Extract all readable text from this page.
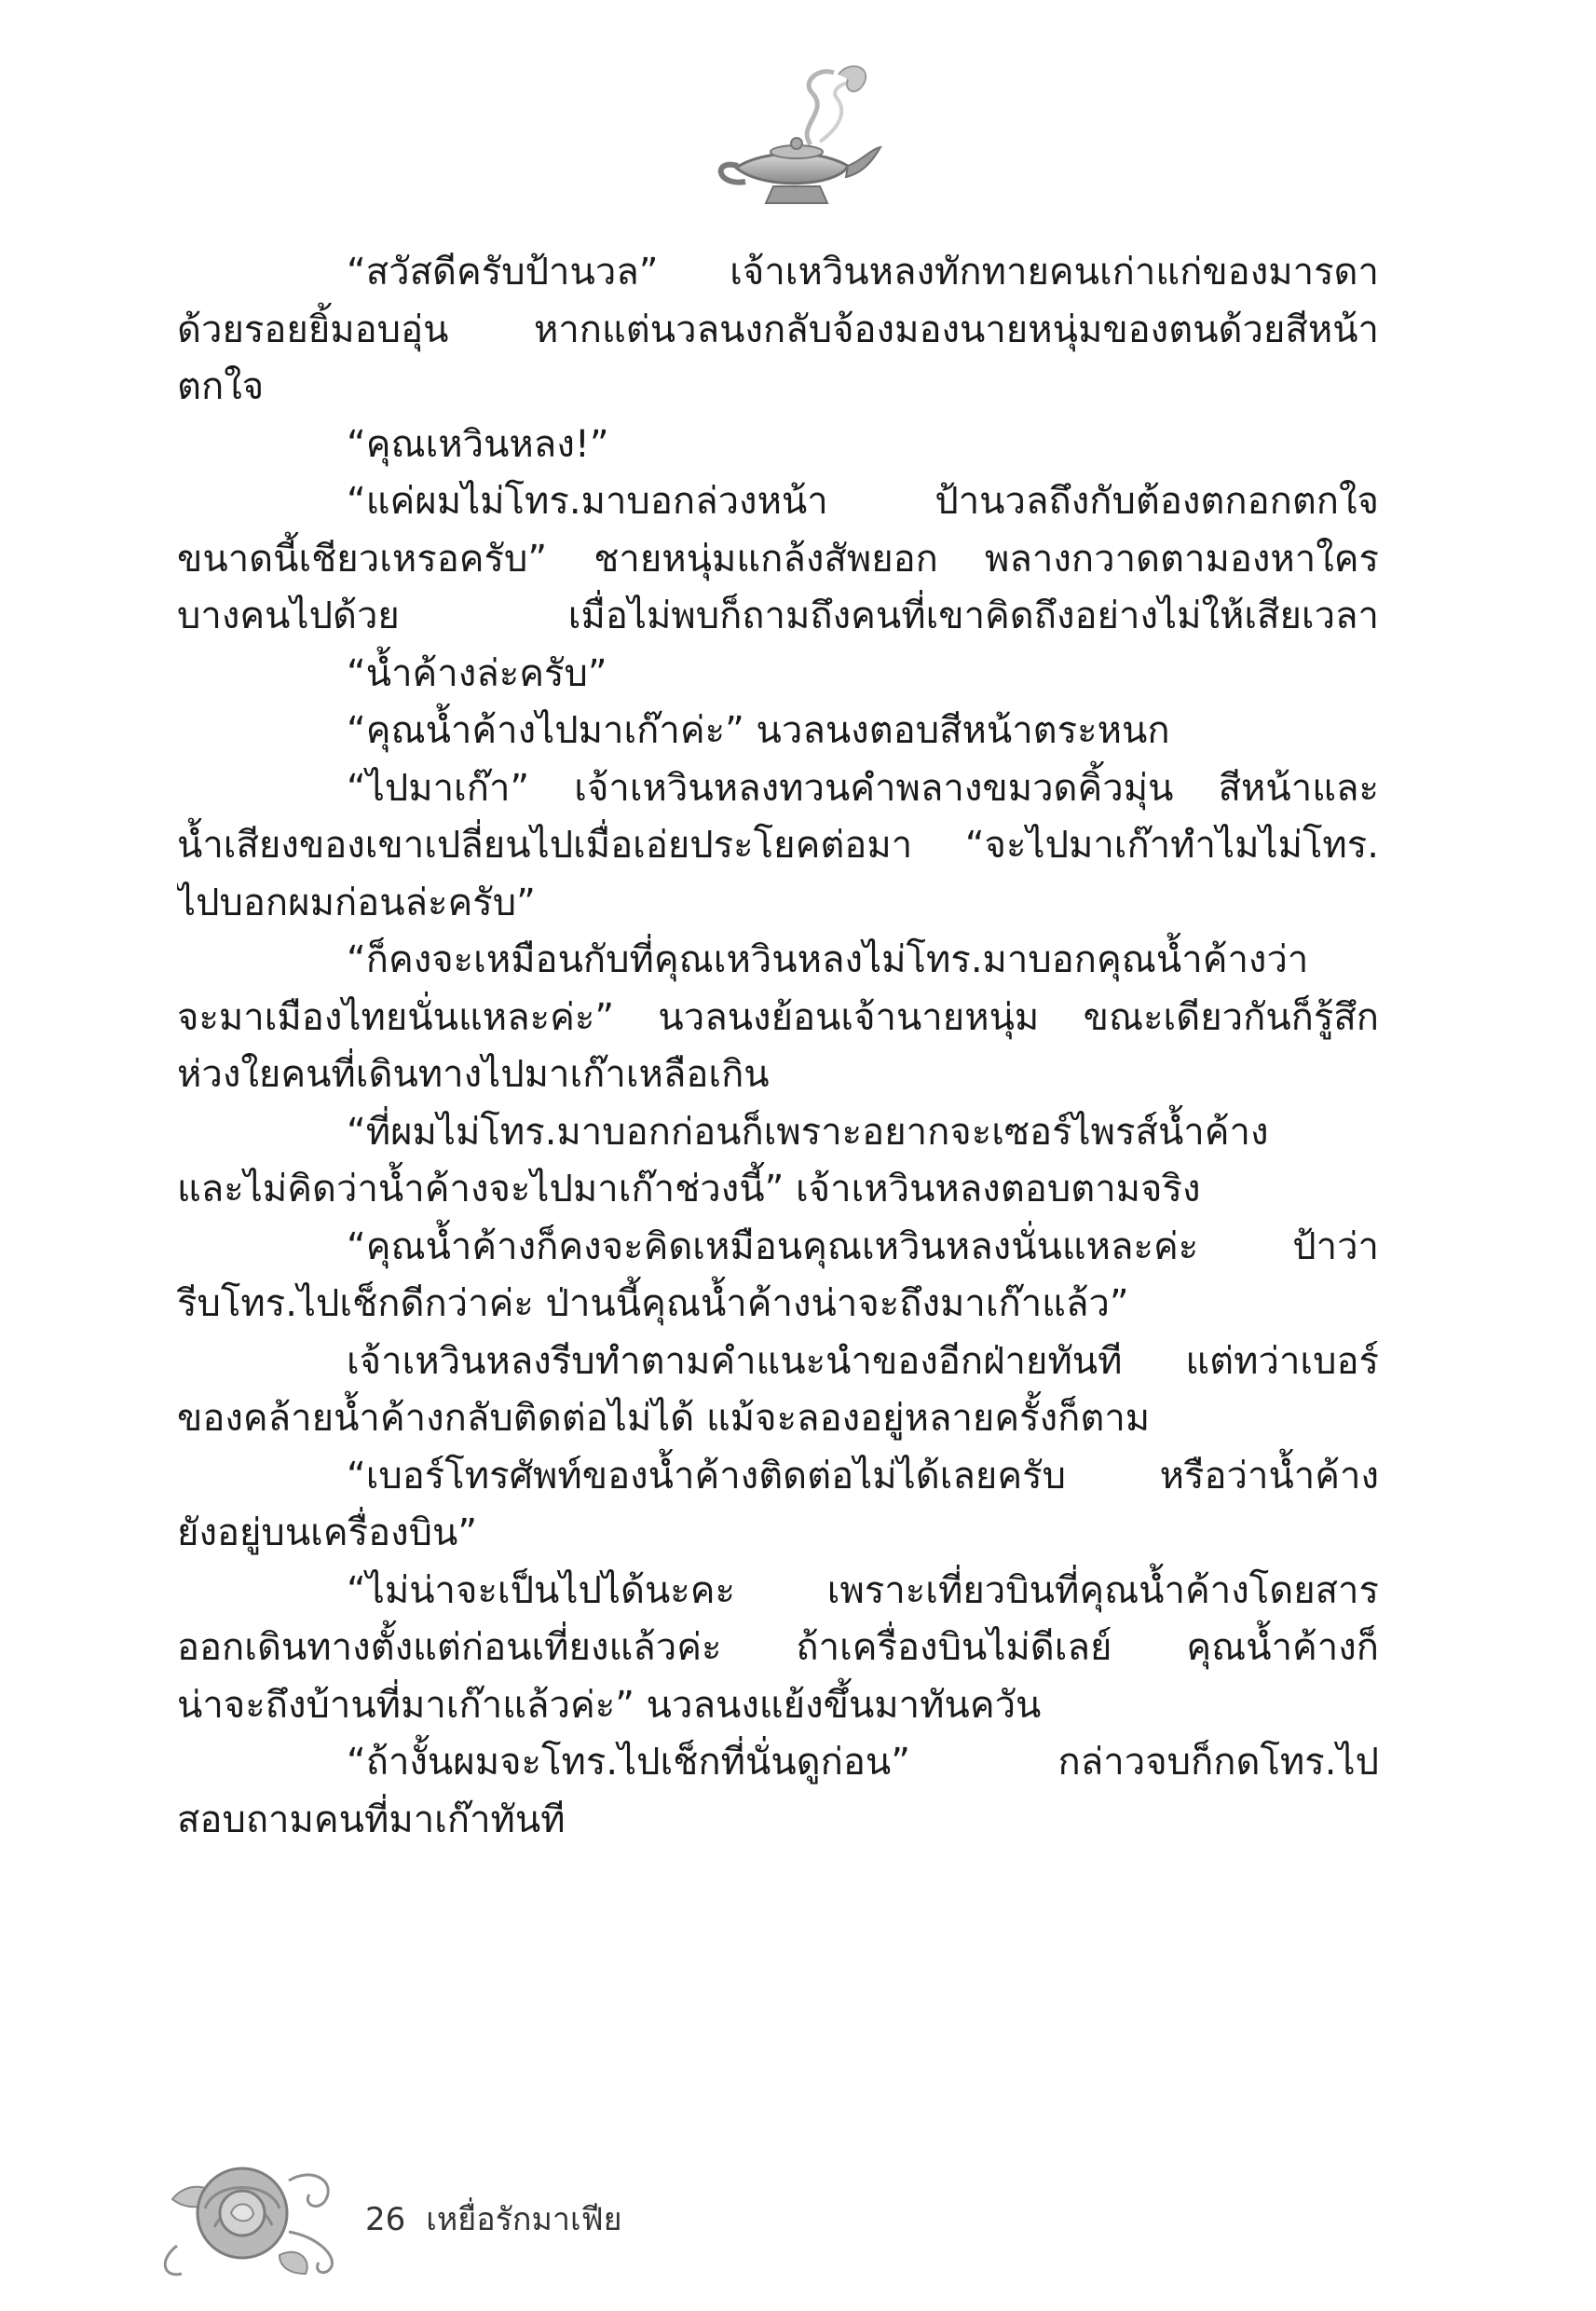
“สวัสดีครับป้านวล” เจ้าเหวินหลงทักทายคนเก่าแก่ของมารดา
ด้วยรอยยิ้มอบอุ่น หากแต่นวลนงกลับจ้องมองนายหนุ่มของตนด้วยสีหน้า
ตกใจ
“คุณเหวินหลง!”
“แค่ผมไม่โทร.มาบอกล่วงหน้า ป้านวลถึงกับต้องตกอกตกใจ
ขนาดนี้เชียวเหรอครับ” ชายหนุ่มแกล้งสัพยอก พลางกวาดตามองหาใคร
บางคนไปด้วย เมื่อไม่พบก็ถามถึงคนที่เขาคิดถึงอย่างไม่ให้เสียเวลา
“น้ำค้างล่ะครับ”
“คุณน้ำค้างไปมาเก๊าค่ะ” นวลนงตอบสีหน้าตระหนก
“ไปมาเก๊า” เจ้าเหวินหลงทวนคำพลางขมวดคิ้วมุ่น สีหน้าและ
น้ำเสียงของเขาเปลี่ยนไปเมื่อเอ่ยประโยคต่อมา “จะไปมาเก๊าทำไมไม่โทร.
ไปบอกผมก่อนล่ะครับ”
“ก็คงจะเหมือนกับที่คุณเหวินหลงไม่โทร.มาบอกคุณน้ำค้างว่า
จะมาเมืองไทยนั่นแหละค่ะ” นวลนงย้อนเจ้านายหนุ่ม ขณะเดียวกันก็รู้สึก
ห่วงใยคนที่เดินทางไปมาเก๊าเหลือเกิน
“ที่ผมไม่โทร.มาบอกก่อนก็เพราะอยากจะเซอร์ไพรส์น้ำค้าง
และไม่คิดว่าน้ำค้างจะไปมาเก๊าช่วงนี้” เจ้าเหวินหลงตอบตามจริง
“คุณน้ำค้างก็คงจะคิดเหมือนคุณเหวินหลงนั่นแหละค่ะ ป้าว่า
รีบโทร.ไปเช็กดีกว่าค่ะ ป่านนี้คุณน้ำค้างน่าจะถึงมาเก๊าแล้ว”
เจ้าเหวินหลงรีบทำตามคำแนะนำของอีกฝ่ายทันที แต่ทว่าเบอร์
ของคล้ายน้ำค้างกลับติดต่อไม่ได้ แม้จะลองอยู่หลายครั้งก็ตาม
“เบอร์โทรศัพท์ของน้ำค้างติดต่อไม่ได้เลยครับ หรือว่าน้ำค้าง
ยังอยู่บนเครื่องบิน”
“ไม่น่าจะเป็นไปได้นะคะ เพราะเที่ยวบินที่คุณน้ำค้างโดยสาร
ออกเดินทางตั้งแต่ก่อนเที่ยงแล้วค่ะ ถ้าเครื่องบินไม่ดีเลย์ คุณน้ำค้างก็
น่าจะถึงบ้านที่มาเก๊าแล้วค่ะ” นวลนงแย้งขึ้นมาทันควัน
“ถ้างั้นผมจะโทร.ไปเช็กที่นั่นดูก่อน” กล่าวจบก็กดโทร.ไป
สอบถามคนที่มาเก๊าทันที
26 เหยื่อรักมาเฟีย
